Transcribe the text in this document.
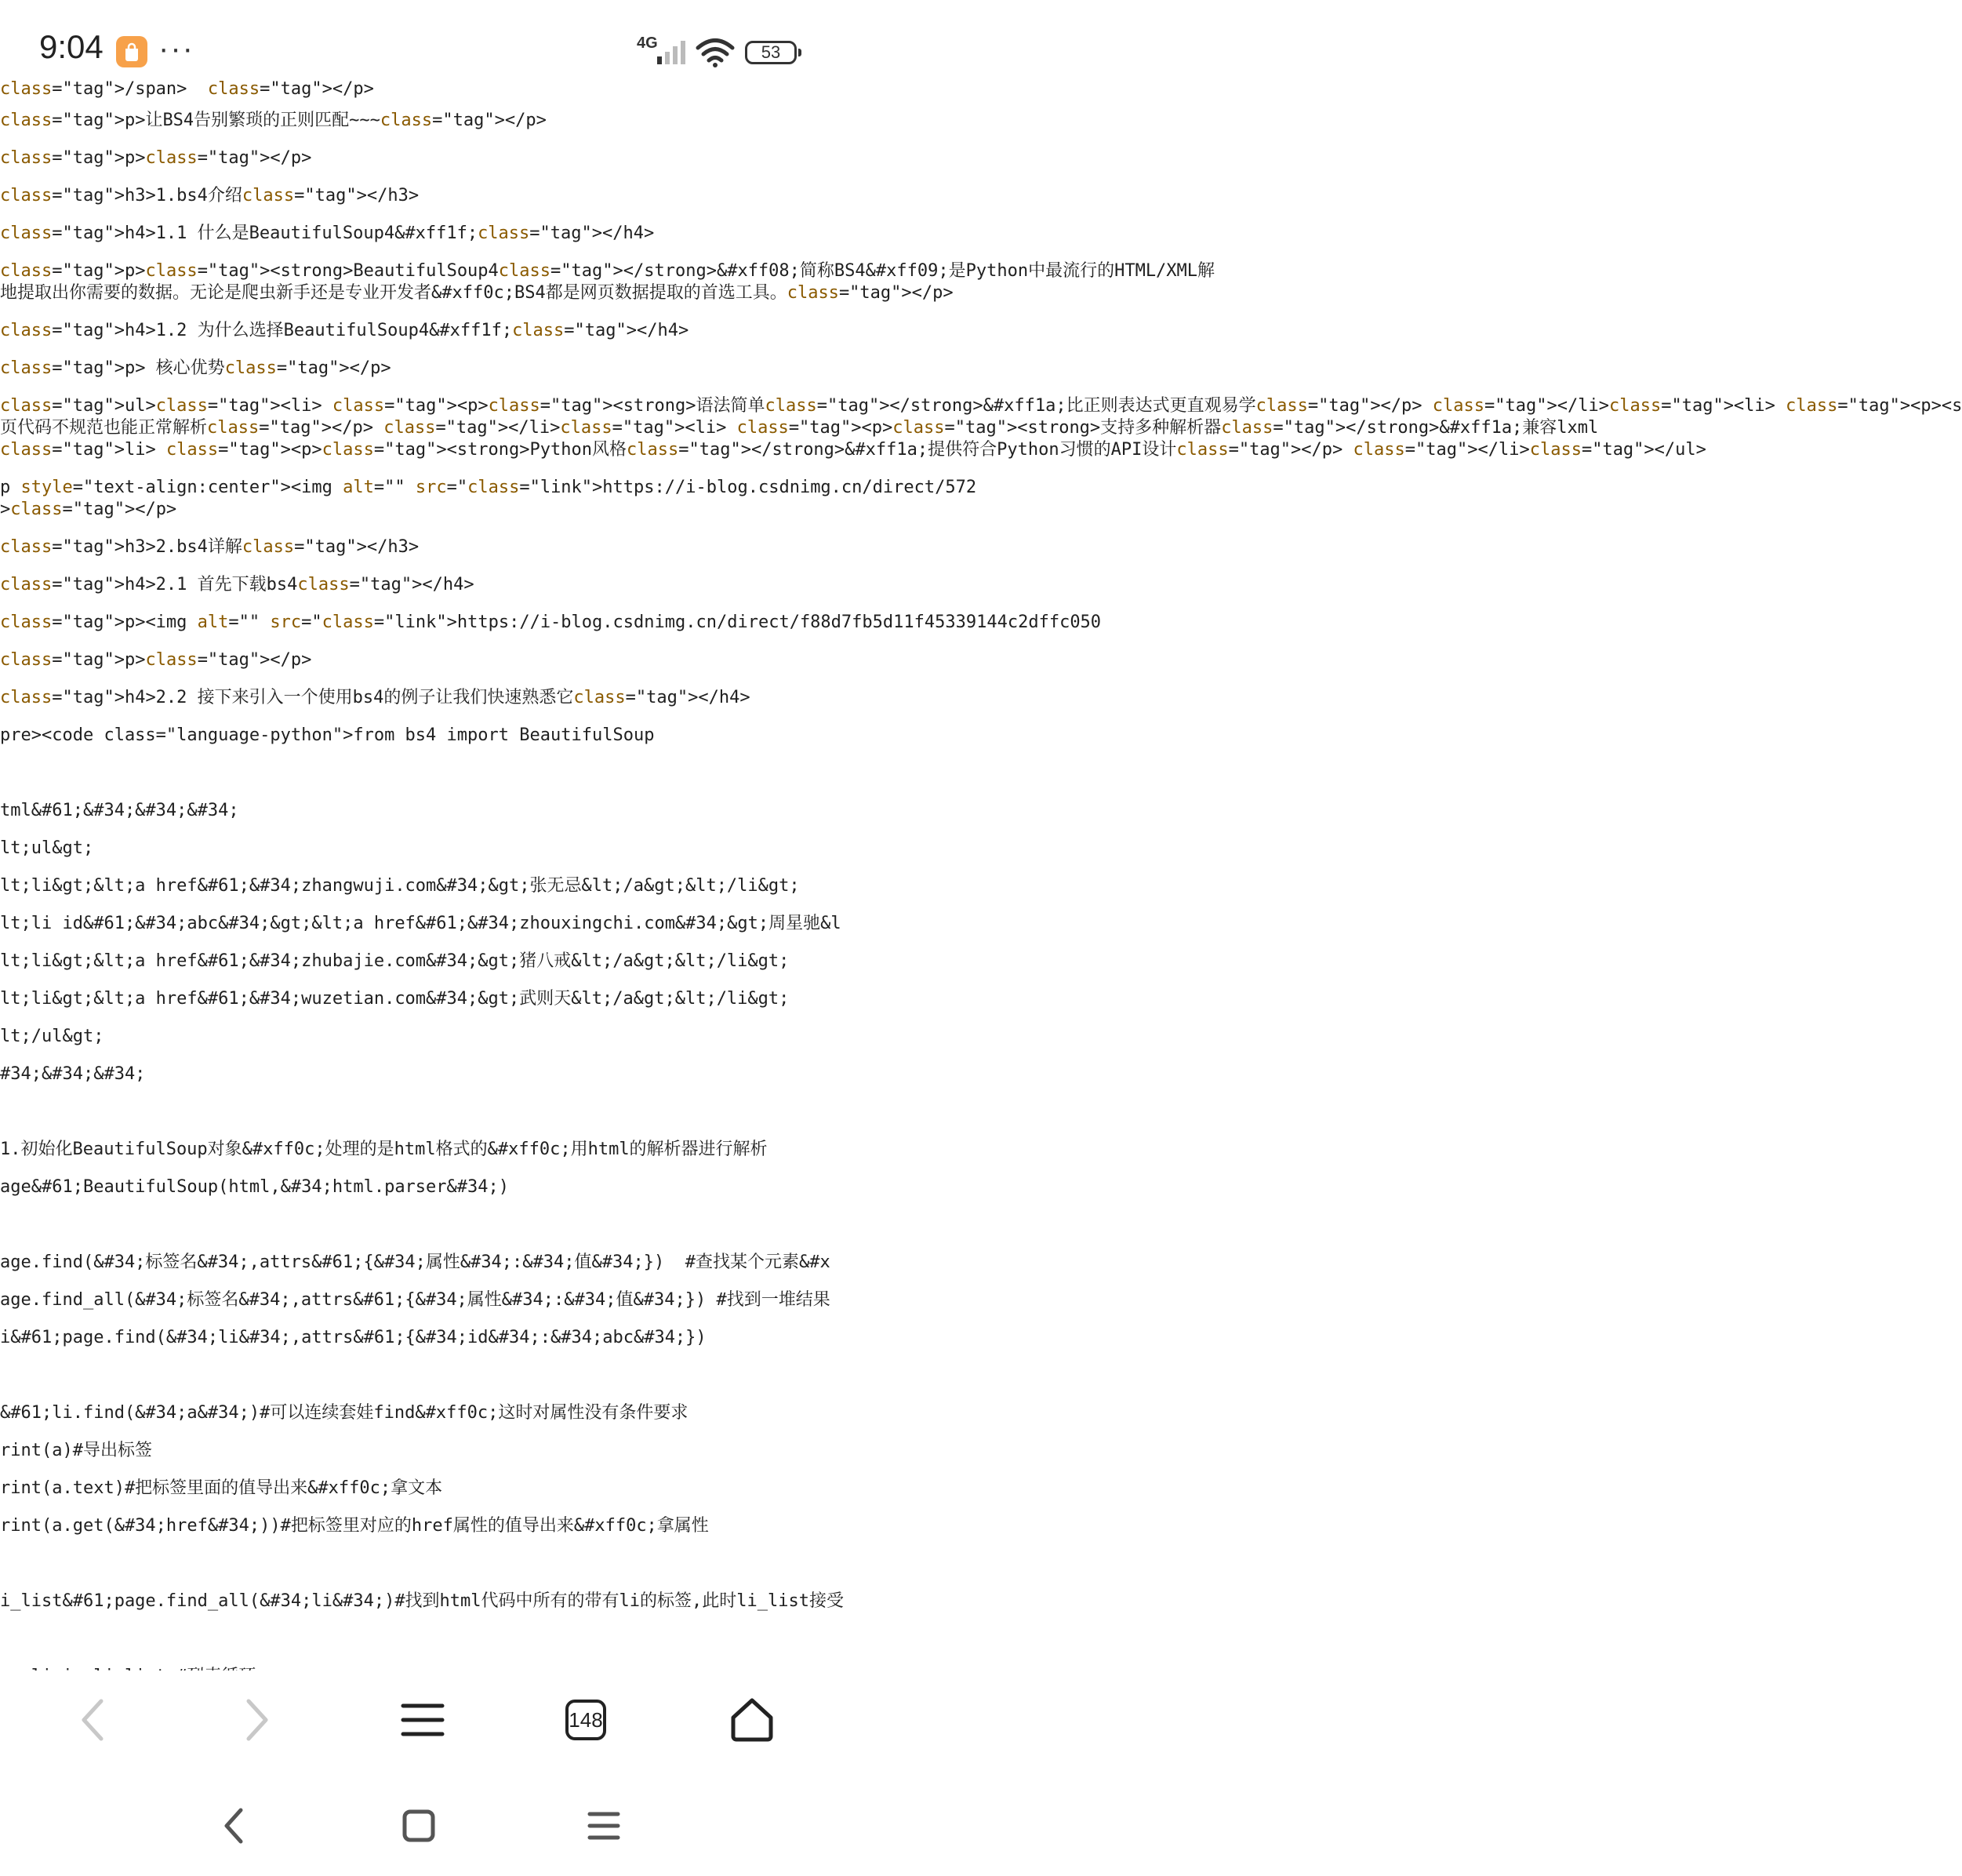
9:04 ···	4G	53
class="tag">/span>  class="tag"></p>
class="tag">p>让BS4告别繁琐的正则匹配~~~class="tag"></p>
class="tag">p>class="tag"></p>
class="tag">h3>1.bs4介绍class="tag"></h3>
class="tag">h4>1.1 什么是BeautifulSoup4&#xff1f;class="tag"></h4>
class="tag">p>class="tag"><strong>BeautifulSoup4class="tag"></strong>&#xff08;简称BS4&#xff09;是Python中最流行的HTML/XML解
地提取出你需要的数据。无论是爬虫新手还是专业开发者&#xff0c;BS4都是网页数据提取的首选工具。class="tag"></p>
class="tag">h4>1.2 为什么选择BeautifulSoup4&#xff1f;class="tag"></h4>
class="tag">p> 核心优势class="tag"></p>
class="tag">ul>class="tag"><li> class="tag"><p>class="tag"><strong>语法简单class="tag"></strong>&#xff1a;比正则表达式更直观易学class="tag"></p> class="tag"></li>class="tag"><li> class="tag"><p><s
页代码不规范也能正常解析class="tag"></p> class="tag"></li>class="tag"><li> class="tag"><p>class="tag"><strong>支持多种解析器class="tag"></strong>&#xff1a;兼容lxml
class="tag">li> class="tag"><p>class="tag"><strong>Python风格class="tag"></strong>&#xff1a;提供符合Python习惯的API设计class="tag"></p> class="tag"></li>class="tag"></ul>
p style="text-align:center"><img alt="" src="class="link">https://i-blog.csdnimg.cn/direct/572
>class="tag"></p>
class="tag">h3>2.bs4详解class="tag"></h3>
class="tag">h4>2.1 首先下载bs4class="tag"></h4>
class="tag">p><img alt="" src="class="link">https://i-blog.csdnimg.cn/direct/f88d7fb5d11f45339144c2dffc050
class="tag">p>class="tag"></p>
class="tag">h4>2.2 接下来引入一个使用bs4的例子让我们快速熟悉它class="tag"></h4>
pre><code class="language-python">from bs4 import BeautifulSoup
tml&#61;&#34;&#34;&#34;
lt;ul&gt;
lt;li&gt;&lt;a href&#61;&#34;zhangwuji.com&#34;&gt;张无忌&lt;/a&gt;&lt;/li&gt;
lt;li id&#61;&#34;abc&#34;&gt;&lt;a href&#61;&#34;zhouxingchi.com&#34;&gt;周星驰&l
lt;li&gt;&lt;a href&#61;&#34;zhubajie.com&#34;&gt;猪八戒&lt;/a&gt;&lt;/li&gt;
lt;li&gt;&lt;a href&#61;&#34;wuzetian.com&#34;&gt;武则天&lt;/a&gt;&lt;/li&gt;
lt;/ul&gt;
#34;&#34;&#34;
1.初始化BeautifulSoup对象&#xff0c;处理的是html格式的&#xff0c;用html的解析器进行解析
age&#61;BeautifulSoup(html,&#34;html.parser&#34;)
age.find(&#34;标签名&#34;,attrs&#61;{&#34;属性&#34;:&#34;值&#34;})  #查找某个元素&#x
age.find_all(&#34;标签名&#34;,attrs&#61;{&#34;属性&#34;:&#34;值&#34;}) #找到一堆结果
i&#61;page.find(&#34;li&#34;,attrs&#61;{&#34;id&#34;:&#34;abc&#34;})
&#61;li.find(&#34;a&#34;)#可以连续套娃find&#xff0c;这时对属性没有条件要求
rint(a)#导出标签
rint(a.text)#把标签里面的值导出来&#xff0c;拿文本
rint(a.get(&#34;href&#34;))#把标签里对应的href属性的值导出来&#xff0c;拿属性
i_list&#61;page.find_all(&#34;li&#34;)#找到html代码中所有的带有li的标签,此时li_list接受
148
